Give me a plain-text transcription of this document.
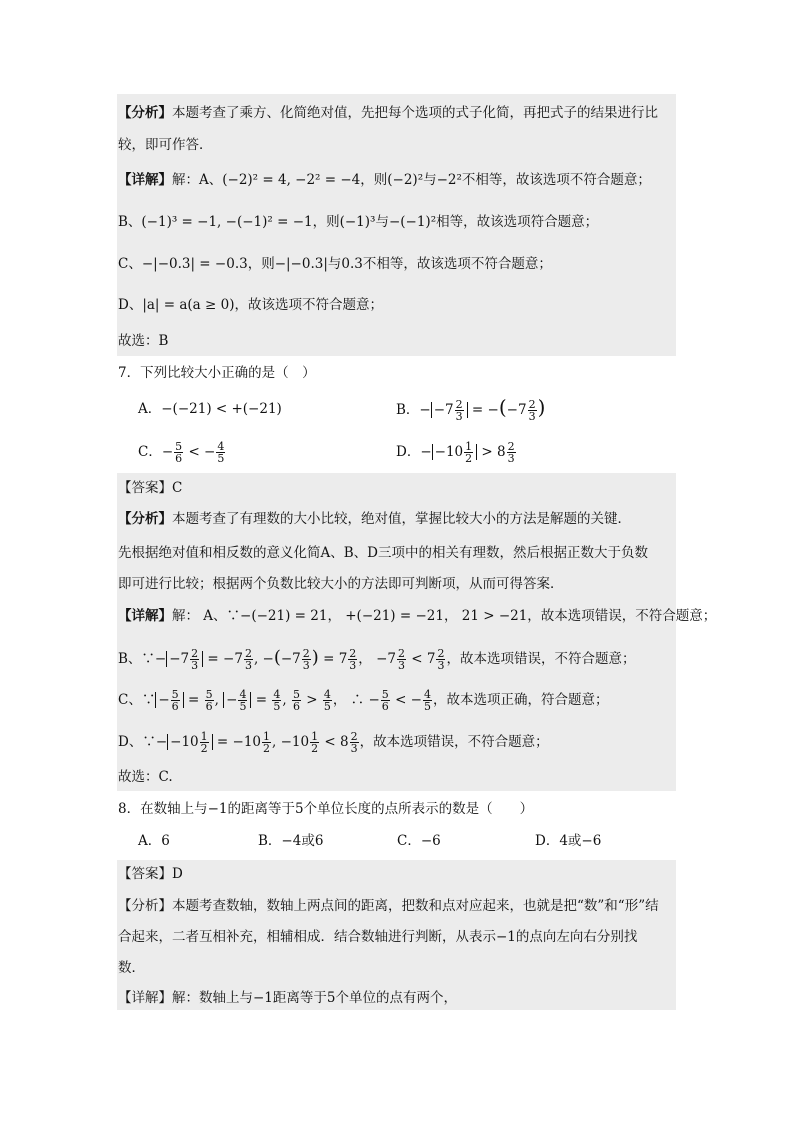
【分析】本题考查了乘方、化简绝对值，先把每个选项的式子化简，再把式子的结果进行比
较，即可作答．
【详解】解：A、(−2)² = 4, −2² = −4，则(−2)²与−2²不相等，故该选项不符合题意；
B、(−1)³ = −1, −(−1)² = −1，则(−1)³与−(−1)²相等，故该选项符合题意；
C、−|−0.3| = −0.3，则−|−0.3|与0.3不相等，故该选项不符合题意；
D、|a| = a(a ≥ 0)，故该选项不符合题意；
故选：B
7．下列比较大小正确的是（　）
A．−(−21) < +(−21)	B．− $-7 \frac{2}{3} = -(-7 \frac{2}{3}$ )
C．− $\frac{5}{6}$ < − $\frac{4}{5}$	D．− $-10 \frac{1}{2} > 8 \frac{2}{3}$
【答案】C
【分析】本题考查了有理数的大小比较，绝对值，掌握比较大小的方法是解题的关键．
先根据绝对值和相反数的意义化简A、B、D三项中的相关有理数，然后根据正数大于负数
即可进行比较；根据两个负数比较大小的方法即可判断项，从而可得答案．
【详解】解： A、∵−(−21) = 21， +(−21) = −21， 21 > −21，故本选项错误，不符合题意；
B、∵− $-7 \frac{2}{3} = -7 \frac{2}{3}$ , $-(-7 \frac{2}{3}$ ) = $7 \frac{2}{3}$ ， $-7 \frac{2}{3} < 7 \frac{2}{3}$ ，故本选项错误，不符合题意；
C、∵ − $\frac{5}{6} = \frac{5}{6}$ , − $\frac{4}{5} = \frac{4}{5}$ , $\frac{5}{6} > \frac{4}{5}$ ， ∴ − $\frac{5}{6}$ < − $\frac{4}{5}$ ，故本选项正确，符合题意；
D、∵− $-10 \frac{1}{2} = -10 \frac{1}{2}$ , $-10 \frac{1}{2} < 8 \frac{2}{3}$ ，故本选项错误，不符合题意；
故选：C.
8．在数轴上与−1的距离等于5个单位长度的点所表示的数是（　　）
A．6	B．−4或6	C．−6	D．4或−6
【答案】D
【分析】本题考查数轴，数轴上两点间的距离，把数和点对应起来，也就是把“数”和“形”结
合起来，二者互相补充，相辅相成．结合数轴进行判断，从表示−1的点向左向右分别找
数．
【详解】解：数轴上与−1距离等于5个单位的点有两个，
